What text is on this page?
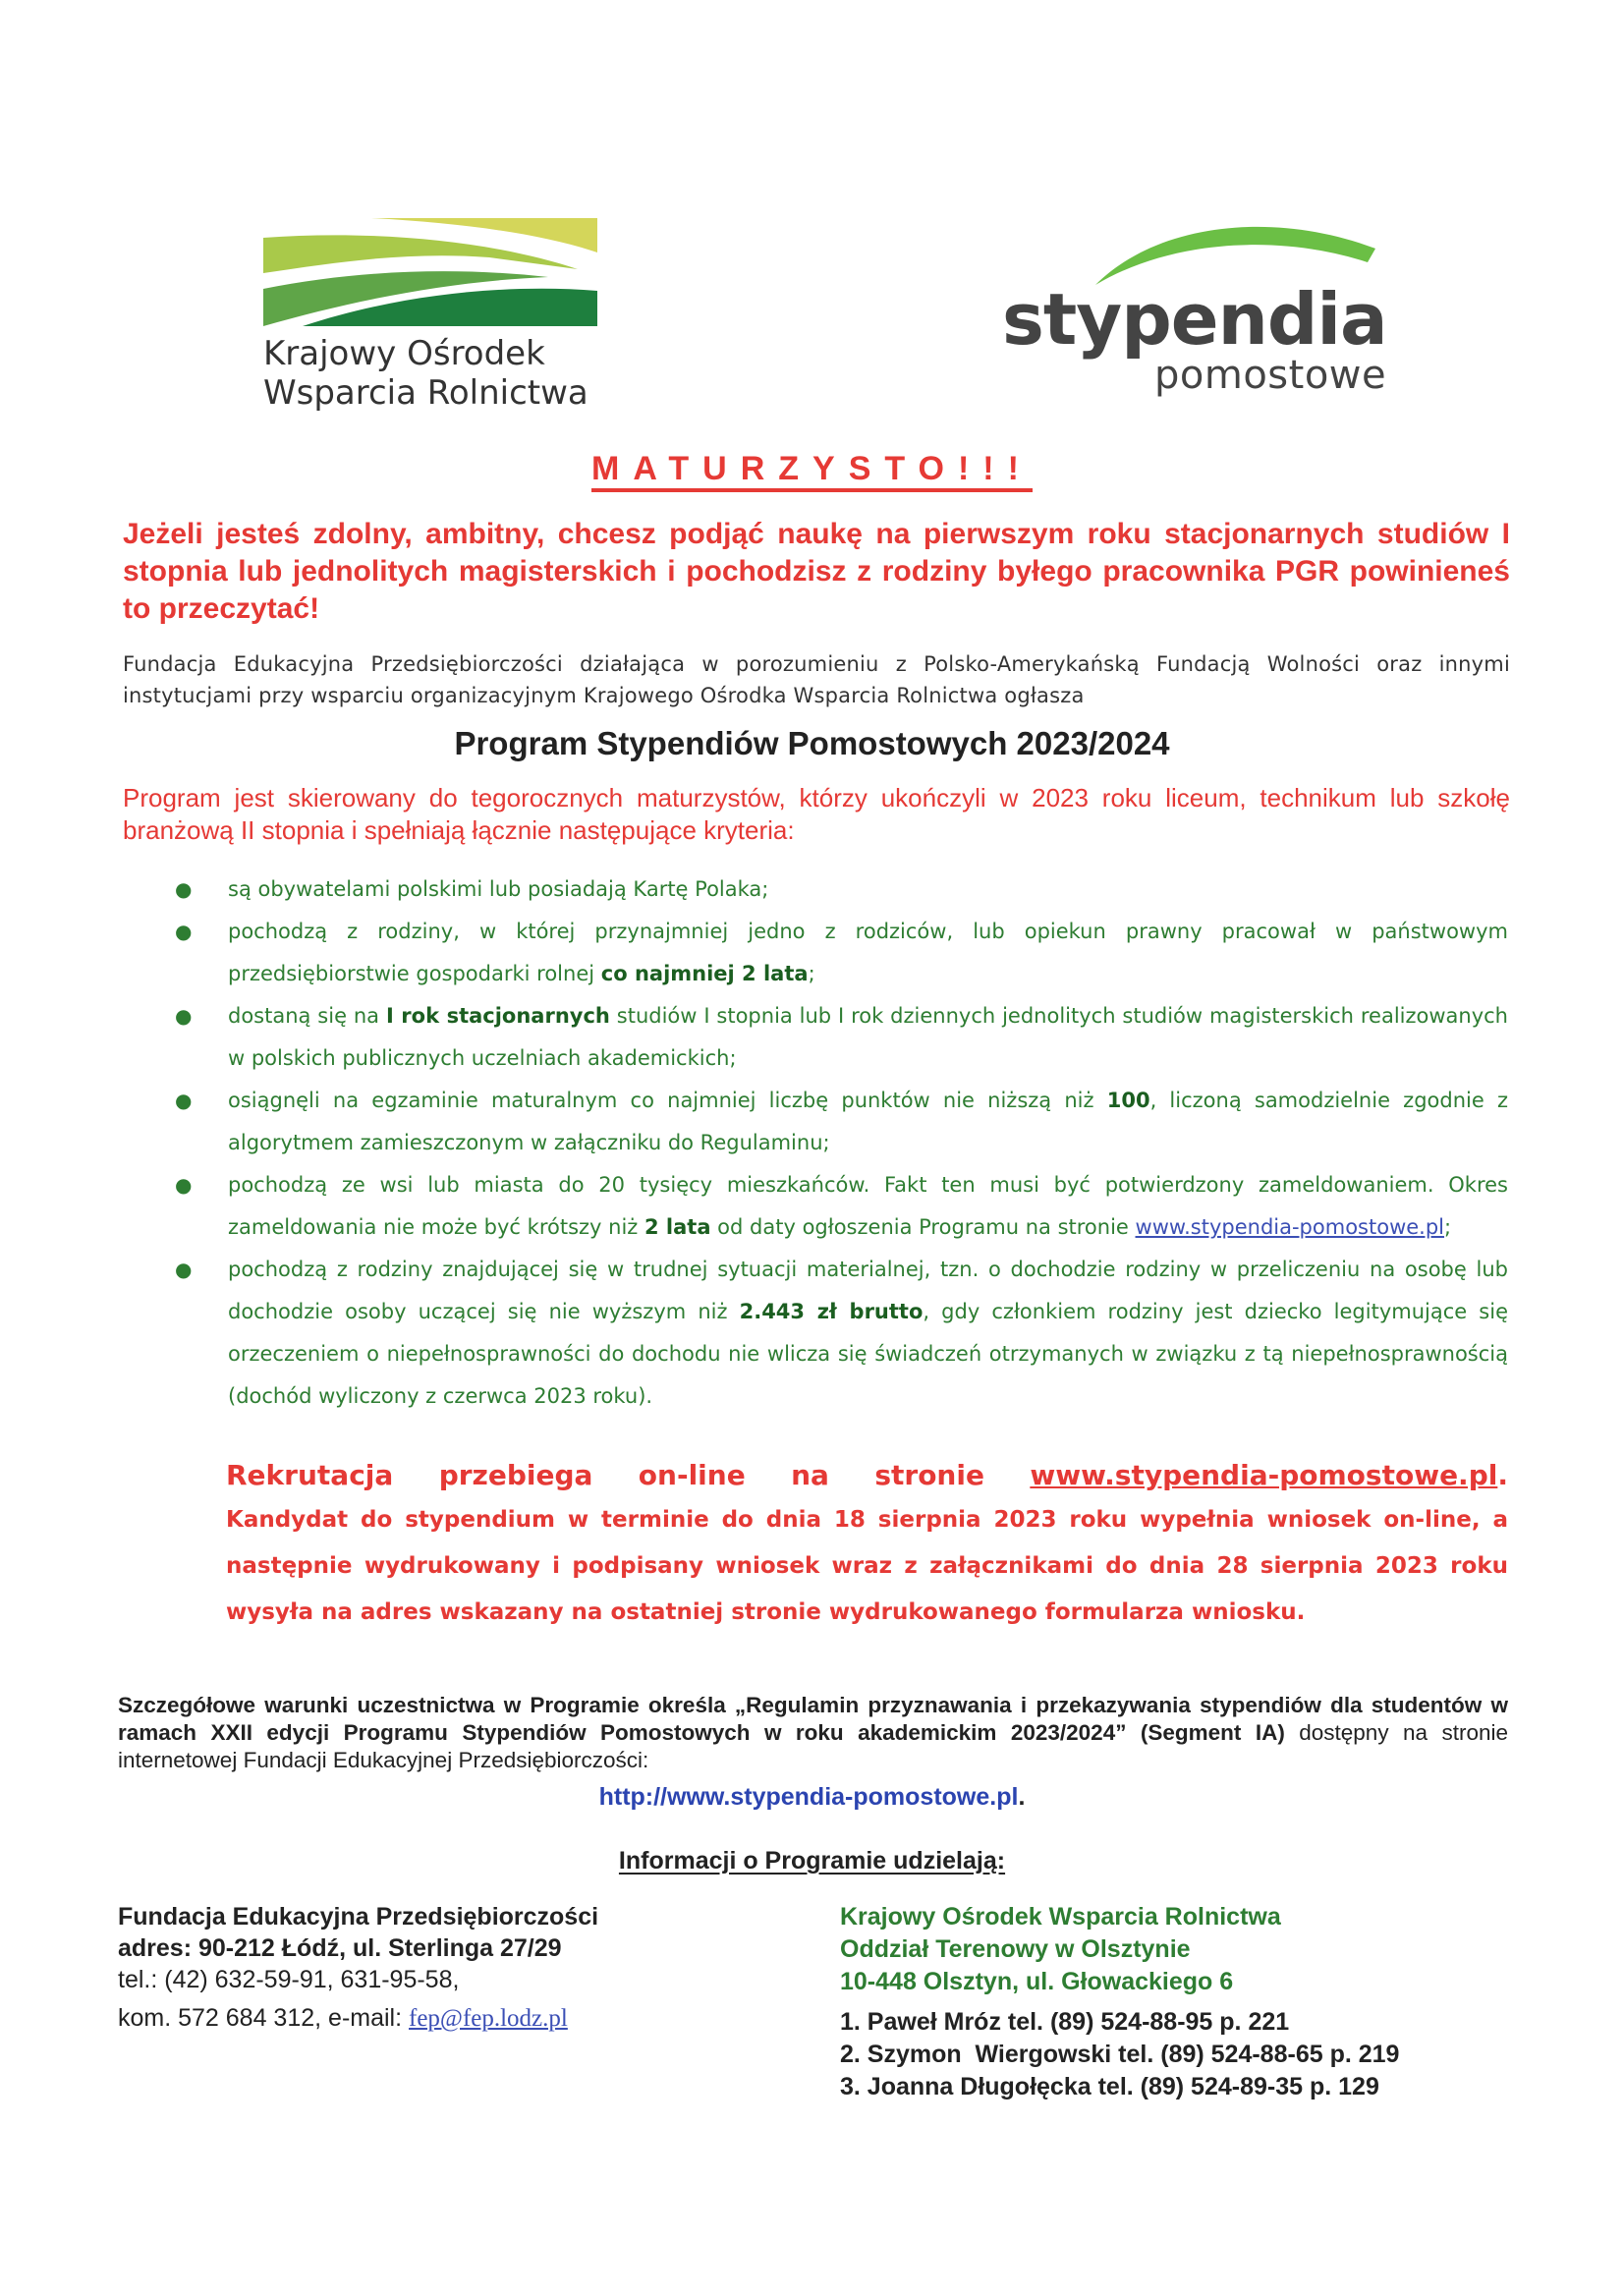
Krajowy Ośrodek
Wsparcia Rolnictwa
stypendia
pomostowe
MATURZYSTO!!!
Jeżeli jesteś zdolny, ambitny, chcesz podjąć naukę na pierwszym roku stacjonarnych studiów I stopnia lub jednolitych magisterskich i pochodzisz z rodziny byłego pracownika PGR powinieneś to przeczytać!
Fundacja Edukacyjna Przedsiębiorczości działająca w porozumieniu z Polsko-Amerykańską Fundacją Wolności oraz innymi instytucjami przy wsparciu organizacyjnym Krajowego Ośrodka Wsparcia Rolnictwa ogłasza
Program Stypendiów Pomostowych 2023/2024
Program jest skierowany do tegorocznych maturzystów, którzy ukończyli w 2023 roku liceum, technikum lub szkołę branżową II stopnia i spełniają łącznie następujące kryteria:
● są obywatelami polskimi lub posiadają Kartę Polaka;
● pochodzą z rodziny, w której przynajmniej jedno z rodziców, lub opiekun prawny pracował w państwowym przedsiębiorstwie gospodarki rolnej co najmniej 2 lata;
● dostaną się na I rok stacjonarnych studiów I stopnia lub I rok dziennych jednolitych studiów magisterskich realizowanych w polskich publicznych uczelniach akademickich;
● osiągnęli na egzaminie maturalnym co najmniej liczbę punktów nie niższą niż 100, liczoną samodzielnie zgodnie z algorytmem zamieszczonym w załączniku do Regulaminu;
● pochodzą ze wsi lub miasta do 20 tysięcy mieszkańców. Fakt ten musi być potwierdzony zameldowaniem. Okres zameldowania nie może być krótszy niż 2 lata od daty ogłoszenia Programu na stronie www.stypendia-pomostowe.pl;
● pochodzą z rodziny znajdującej się w trudnej sytuacji materialnej, tzn. o dochodzie rodziny w przeliczeniu na osobę lub dochodzie osoby uczącej się nie wyższym niż 2.443 zł brutto, gdy członkiem rodziny jest dziecko legitymujące się orzeczeniem o niepełnosprawności do dochodu nie wlicza się świadczeń otrzymanych w związku z tą niepełnosprawnością (dochód wyliczony z czerwca 2023 roku).
Rekrutacja przebiega on-line na stronie www.stypendia-pomostowe.pl.
Kandydat do stypendium w terminie do dnia 18 sierpnia 2023 roku wypełnia wniosek on-line, a następnie wydrukowany i podpisany wniosek wraz z załącznikami do dnia 28 sierpnia 2023 roku wysyła na adres wskazany na ostatniej stronie wydrukowanego formularza wniosku.
Szczegółowe warunki uczestnictwa w Programie określa „Regulamin przyznawania i przekazywania stypendiów dla studentów w ramach XXII edycji Programu Stypendiów Pomostowych w roku akademickim 2023/2024” (Segment IA) dostępny na stronie internetowej Fundacji Edukacyjnej Przedsiębiorczości:
http://www.stypendia-pomostowe.pl.
Informacji o Programie udzielają:
Fundacja Edukacyjna Przedsiębiorczości
adres: 90-212 Łódź, ul. Sterlinga 27/29
tel.: (42) 632-59-91, 631-95-58,
kom. 572 684 312, e-mail: fep@fep.lodz.pl
Krajowy Ośrodek Wsparcia Rolnictwa
Oddział Terenowy w Olsztynie
10-448 Olsztyn, ul. Głowackiego 6
1. Paweł Mróz tel. (89) 524-88-95 p. 221
2. Szymon  Wiergowski tel. (89) 524-88-65 p. 219
3. Joanna Długołęcka tel. (89) 524-89-35 p. 129
